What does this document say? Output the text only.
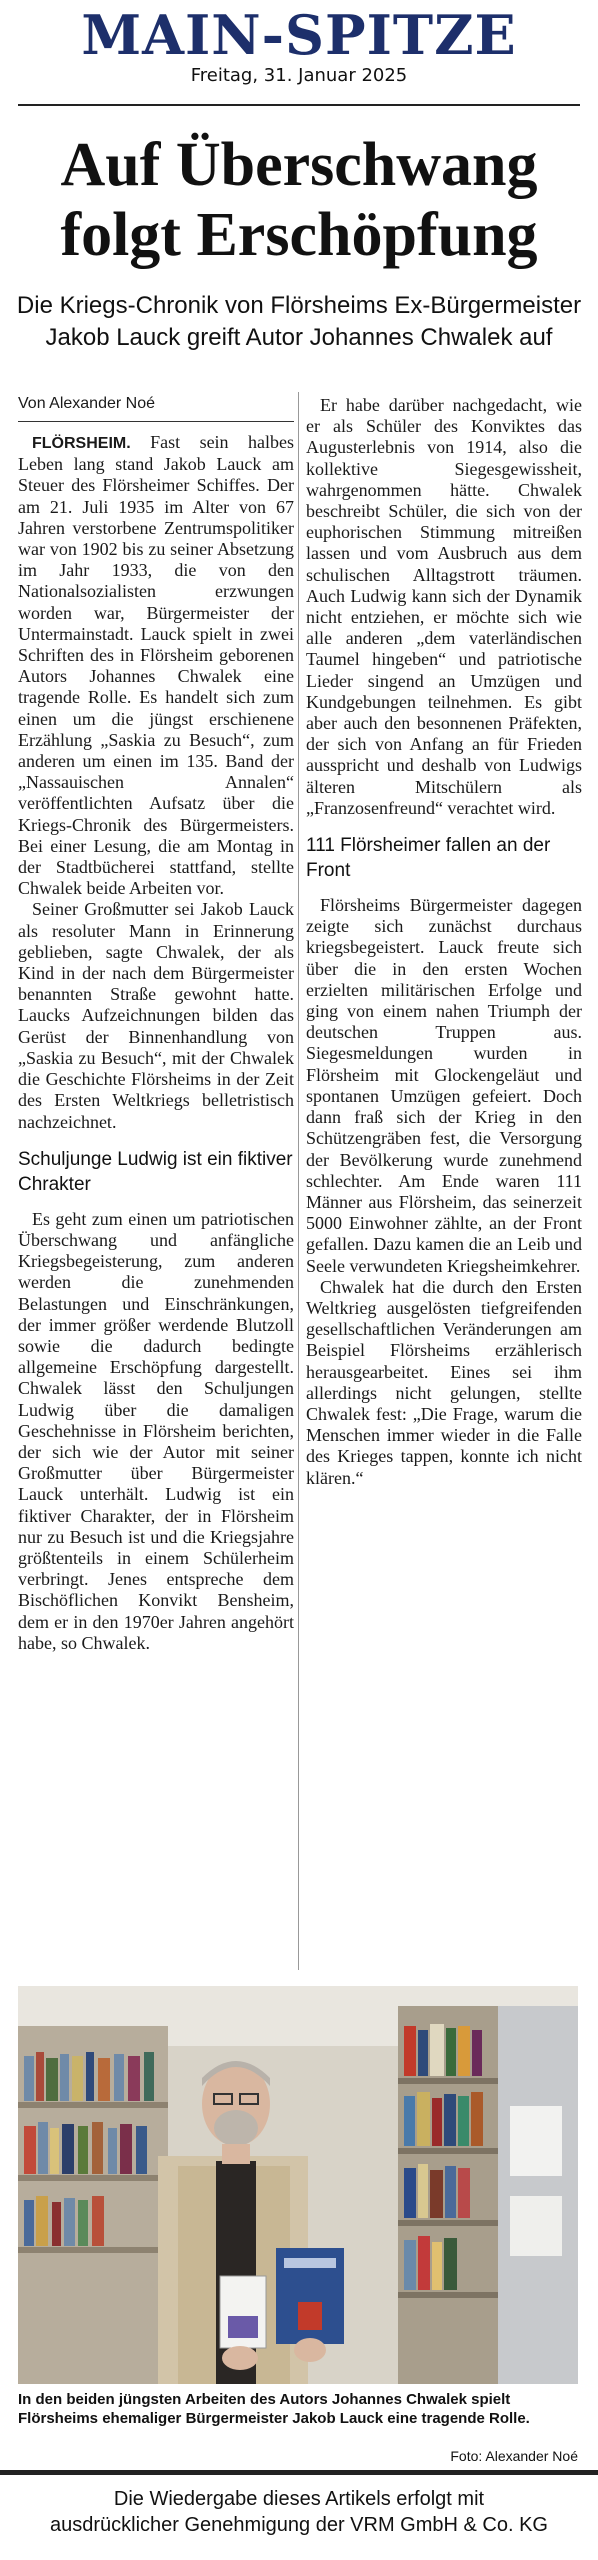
MAIN-SPITZE
Freitag, 31. Januar 2025
Auf Überschwang folgt Erschöpfung
Die Kriegs-Chronik von Flörsheims Ex-Bürgermeister Jakob Lauck greift Autor Johannes Chwalek auf
Von Alexander Noé

FLÖRSHEIM. Fast sein halbes Leben lang stand Jakob Lauck am Steuer des Flörsheimer Schiffes. Der am 21. Juli 1935 im Alter von 67 Jahren verstorbene Zentrumspolitiker war von 1902 bis zu seiner Absetzung im Jahr 1933, die von den Nationalsozialisten erzwungen worden war, Bürgermeister der Untermainstadt. Lauck spielt in zwei Schriften des in Flörsheim geborenen Autors Johannes Chwalek eine tragende Rolle. Es handelt sich zum einen um die jüngst erschienene Erzählung „Saskia zu Besuch“, zum anderen um einen im 135. Band der „Nassauischen Annalen“ veröffentlichten Aufsatz über die Kriegs-Chronik des Bürgermeisters. Bei einer Lesung, die am Montag in der Stadtbücherei stattfand, stellte Chwalek beide Arbeiten vor.

Seiner Großmutter sei Jakob Lauck als resoluter Mann in Erinnerung geblieben, sagte Chwalek, der als Kind in der nach dem Bürgermeister benannten Straße gewohnt hatte. Laucks Aufzeichnungen bilden das Gerüst der Binnenhandlung von „Saskia zu Besuch“, mit der Chwalek die Geschichte Flörsheims in der Zeit des Ersten Weltkriegs belletristisch nachzeichnet.

Schuljunge Ludwig ist ein fiktiver Chrakter

Es geht zum einen um patriotischen Überschwang und anfängliche Kriegsbegeisterung, zum anderen werden die zunehmenden Belastungen und Einschränkungen, der immer größer werdende Blutzoll sowie die dadurch bedingte allgemeine Erschöpfung dargestellt. Chwalek lässt den Schuljungen Ludwig über die damaligen Geschehnisse in Flörsheim berichten, der sich wie der Autor mit seiner Großmutter über Bürgermeister Lauck unterhält. Ludwig ist ein fiktiver Charakter, der in Flörsheim nur zu Besuch ist und die Kriegsjahre größtenteils in einem Schülerheim verbringt. Jenes entspreche dem Bischöflichen Konvikt Bensheim, dem er in den 1970er Jahren angehört habe, so Chwalek.

Er habe darüber nachgedacht, wie er als Schüler des Konviktes das Augusterlebnis von 1914, also die kollektive Siegesgewissheit, wahrgenommen hätte. Chwalek beschreibt Schüler, die sich von der euphorischen Stimmung mitreißen lassen und vom Ausbruch aus dem schulischen Alltagstrott träumen. Auch Ludwig kann sich der Dynamik nicht entziehen, er möchte sich wie alle anderen „dem vaterländischen Taumel hingeben“ und patriotische Lieder singend an Umzügen und Kundgebungen teilnehmen. Es gibt aber auch den besonnenen Präfekten, der sich von Anfang an für Frieden ausspricht und deshalb von Ludwigs älteren Mitschülern als „Franzosenfreund“ verachtet wird.

111 Flörsheimer fallen an der Front

Flörsheims Bürgermeister dagegen zeigte sich zunächst durchaus kriegsbegeistert. Lauck freute sich über die in den ersten Wochen erzielten militärischen Erfolge und ging von einem nahen Triumph der deutschen Truppen aus. Siegesmeldungen wurden in Flörsheim mit Glockengeläut und spontanen Umzügen gefeiert. Doch dann fraß sich der Krieg in den Schützengräben fest, die Versorgung der Bevölkerung wurde zunehmend schlechter. Am Ende waren 111 Männer aus Flörsheim, das seinerzeit 5000 Einwohner zählte, an der Front gefallen. Dazu kamen die an Leib und Seele verwundeten Kriegsheimkehrer.

Chwalek hat die durch den Ersten Weltkrieg ausgelösten tiefgreifenden gesellschaftlichen Veränderungen am Beispiel Flörsheims erzählerisch herausgearbeitet. Eines sei ihm allerdings nicht gelungen, stellte Chwalek fest: „Die Frage, warum die Menschen immer wieder in die Falle des Krieges tappen, konnte ich nicht klären.“

In den beiden jüngsten Arbeiten des Autors Johannes Chwalek spielt Flörsheims ehemaliger Bürgermeister Jakob Lauck eine tragende Rolle.
Foto: Alexander Noé
Die Wiedergabe dieses Artikels erfolgt mit
ausdrücklicher Genehmigung der VRM GmbH & Co. KG
